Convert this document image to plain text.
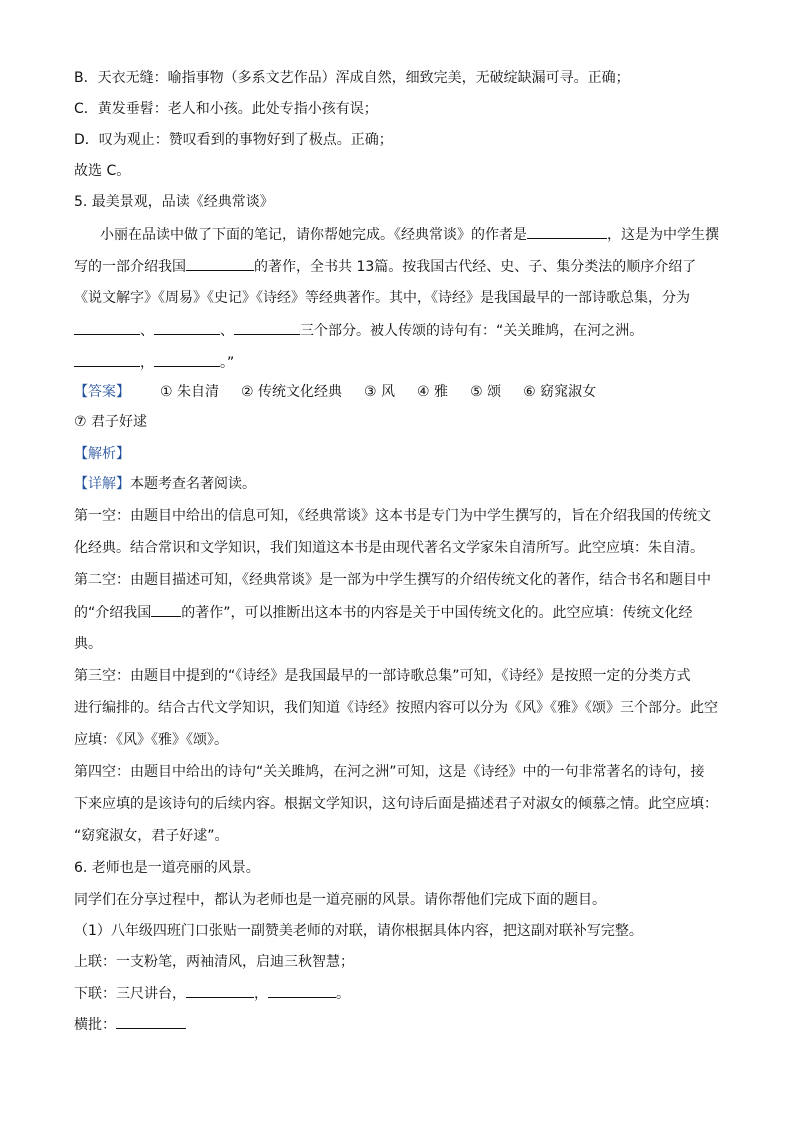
B．天衣无缝：喻指事物（多系文艺作品）浑成自然，细致完美，无破绽缺漏可寻。正确；
C．黄发垂髫：老人和小孩。此处专指小孩有误；
D．叹为观止：赞叹看到的事物好到了极点。正确；
故选 C。
5. 最美景观，品读《经典常谈》
小丽在品读中做了下面的笔记，请你帮她完成。《经典常谈》的作者是	，这是为中学生撰
写的一部介绍我国	的著作，全书共 13篇。按我国古代经、史、子、集分类法的顺序介绍了
《说文解字》《周易》《史记》《诗经》等经典著作。其中，《诗经》是我国最早的一部诗歌总集，分为
、	、	三个部分。被人传颂的诗句有：“关关雎鸠，在河之洲。
，	。”
【答案】 ① 朱自清 ② 传统文化经典 ③ 风 ④ 雅 ⑤ 颂 ⑥ 窈窕淑女
⑦ 君子好逑
【解析】
【详解】本题考查名著阅读。
第一空：由题目中给出的信息可知，《经典常谈》这本书是专门为中学生撰写的，旨在介绍我国的传统文
化经典。结合常识和文学知识，我们知道这本书是由现代著名文学家朱自清所写。此空应填：朱自清。
第二空：由题目描述可知，《经典常谈》是一部为中学生撰写的介绍传统文化的著作，结合书名和题目中
的“介绍我国 的著作”，可以推断出这本书的内容是关于中国传统文化的。此空应填：传统文化经
典。
第三空：由题目中提到的“《诗经》是我国最早的一部诗歌总集”可知，《诗经》是按照一定的分类方式
进行编排的。结合古代文学知识，我们知道《诗经》按照内容可以分为《风》《雅》《颂》三个部分。此空
应填：《风》《雅》《颂》。
第四空：由题目中给出的诗句“关关雎鸠，在河之洲”可知，这是《诗经》中的一句非常著名的诗句，接
下来应填的是该诗句的后续内容。根据文学知识，这句诗后面是描述君子对淑女的倾慕之情。此空应填：
“窈窕淑女，君子好逑”。
6. 老师也是一道亮丽的风景。
同学们在分享过程中，都认为老师也是一道亮丽的风景。请你帮他们完成下面的题目。
（1）八年级四班门口张贴一副赞美老师的对联，请你根据具体内容，把这副对联补写完整。
上联：一支粉笔，两袖清风，启迪三秋智慧；
下联：三尺讲台，	，	。
横批：
